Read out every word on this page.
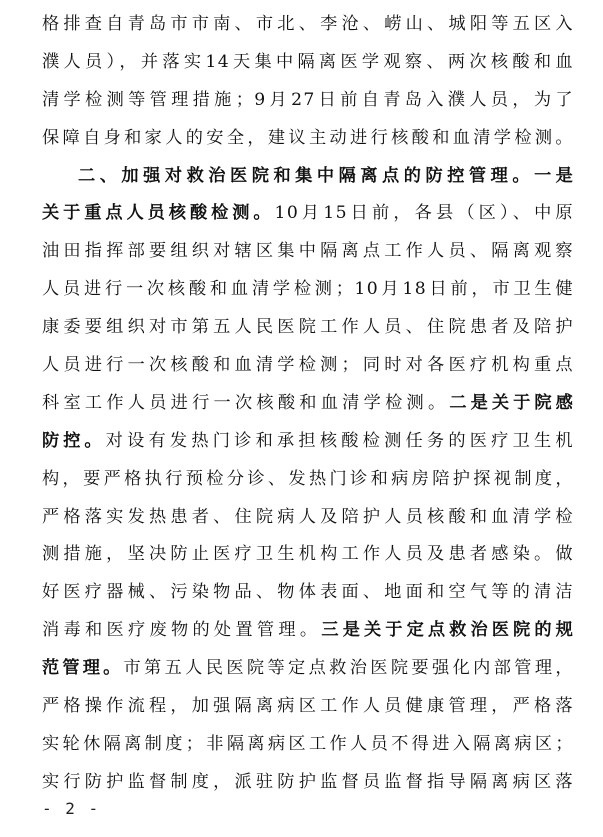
格排查自青岛市市南、市北、李沧、崂山、城阳等五区入
濮人员），并落实14天集中隔离医学观察、两次核酸和血
清学检测等管理措施；9月27日前自青岛入濮人员，为了
保障自身和家人的安全，建议主动进行核酸和血清学检测。
二、加强对救治医院和集中隔离点的防控管理。一是
关于重点人员核酸检测。10月15日前，各县（区）、中原
油田指挥部要组织对辖区集中隔离点工作人员、隔离观察
人员进行一次核酸和血清学检测；10月18日前，市卫生健
康委要组织对市第五人民医院工作人员、住院患者及陪护
人员进行一次核酸和血清学检测；同时对各医疗机构重点
科室工作人员进行一次核酸和血清学检测。二是关于院感
防控。对设有发热门诊和承担核酸检测任务的医疗卫生机
构，要严格执行预检分诊、发热门诊和病房陪护探视制度，
严格落实发热患者、住院病人及陪护人员核酸和血清学检
测措施，坚决防止医疗卫生机构工作人员及患者感染。做
好医疗器械、污染物品、物体表面、地面和空气等的清洁
消毒和医疗废物的处置管理。三是关于定点救治医院的规
范管理。市第五人民医院等定点救治医院要强化内部管理，
严格操作流程，加强隔离病区工作人员健康管理，严格落
实轮休隔离制度；非隔离病区工作人员不得进入隔离病区；
实行防护监督制度，派驻防护监督员监督指导隔离病区落
- 2 -
